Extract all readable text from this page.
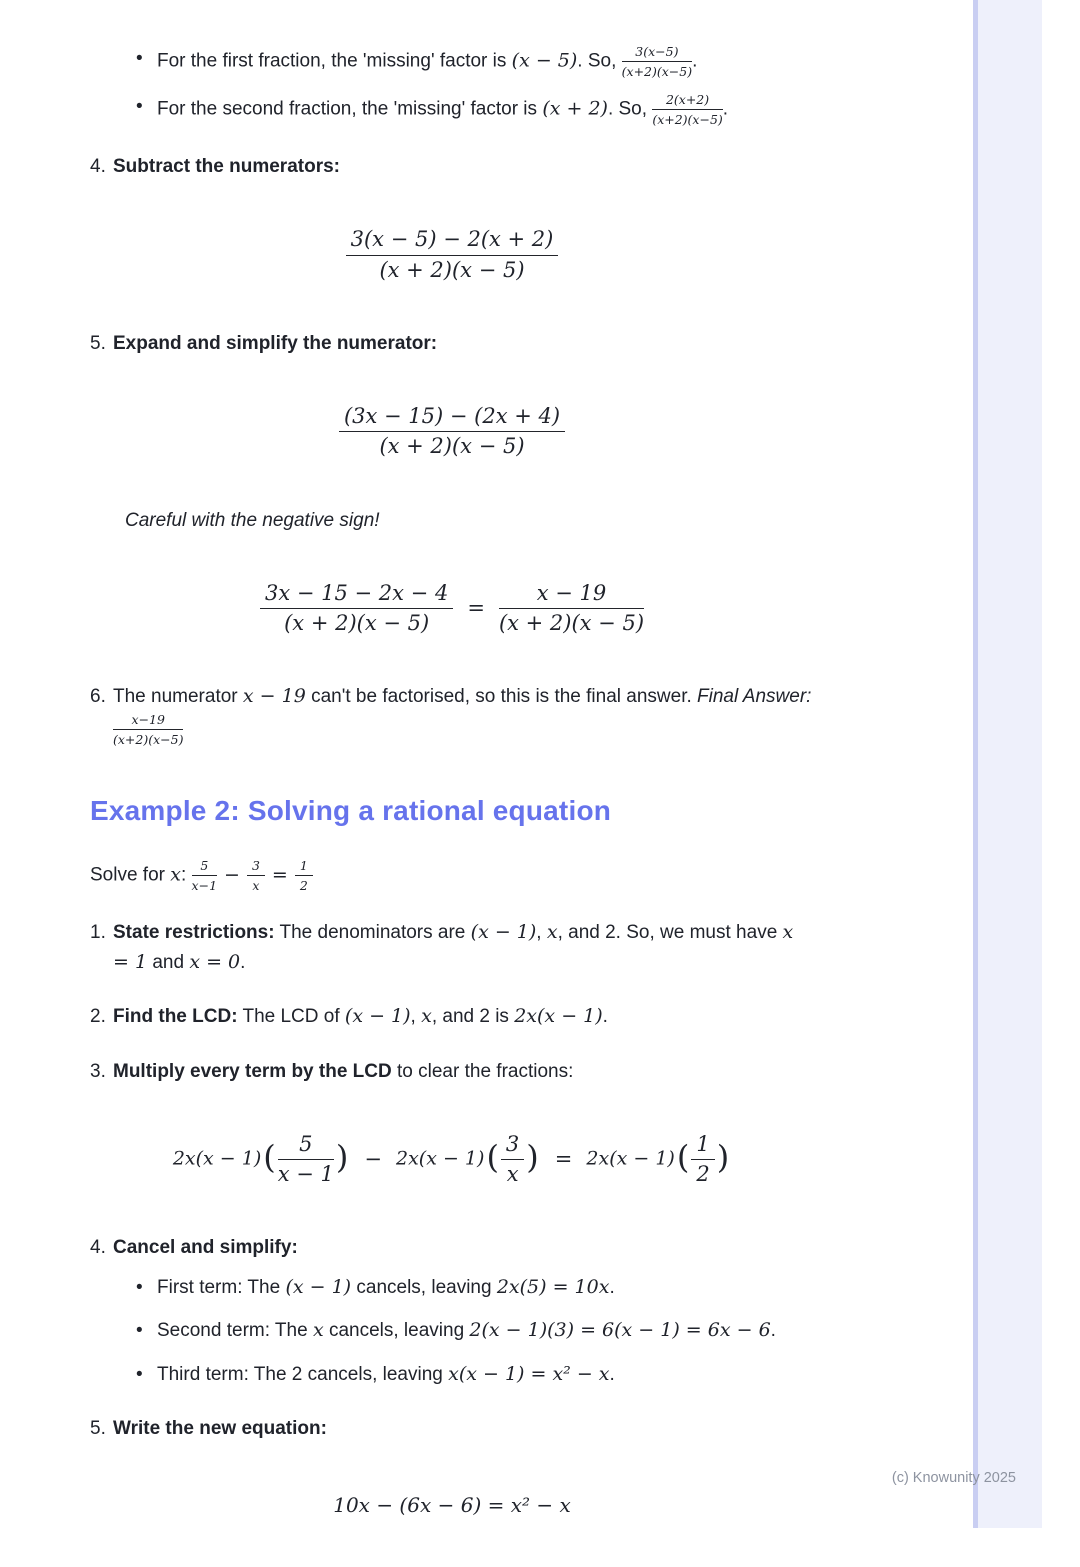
• For the first fraction, the 'missing' factor is (x − 5). So, $\frac{3(x-5)}{(x+2)(x-5)}$ .
• For the second fraction, the 'missing' factor is (x + 2). So, $\frac{2(x+2)}{(x+2)(x-5)}$ .
4. Subtract the numerators:
$\frac{3(x - 5) - 2(x + 2)}{(x + 2)(x - 5)}$
5. Expand and simplify the numerator:
$\frac{(3x - 15) - (2x + 4)}{(x + 2)(x - 5)}$
Careful with the negative sign!
$\frac{3x - 15 - 2x - 4}{(x + 2)(x - 5)} = \frac{x - 19}{(x + 2)(x - 5)}$
6. The numerator x − 19 can't be factorised, so this is the final answer. Final Answer:
$\frac{x-19}{(x+2)(x-5)}$
Example 2: Solving a rational equation
Solve for x: $\frac{5}{x-1} - \frac{3}{x} = \frac{1}{2}$
1. State restrictions: The denominators are (x − 1), x, and 2. So, we must have x = 1 and x = 0.
2. Find the LCD: The LCD of (x − 1), x, and 2 is 2x(x − 1).
3. Multiply every term by the LCD to clear the fractions:
$2x(x - 1)( \frac{5}{x - 1}$ ) − $2x(x - 1)( \frac{3}{x}$ ) = $2x(x - 1)( \frac{1}{2}$ )
4. Cancel and simplify:
• First term: The (x − 1) cancels, leaving 2x(5) = 10x.
• Second term: The x cancels, leaving 2(x − 1)(3) = 6(x − 1) = 6x − 6.
• Third term: The 2 cancels, leaving x(x − 1) = x² − x.
5. Write the new equation:
10x − (6x − 6) = x² − x
(c) Knowunity 2025
